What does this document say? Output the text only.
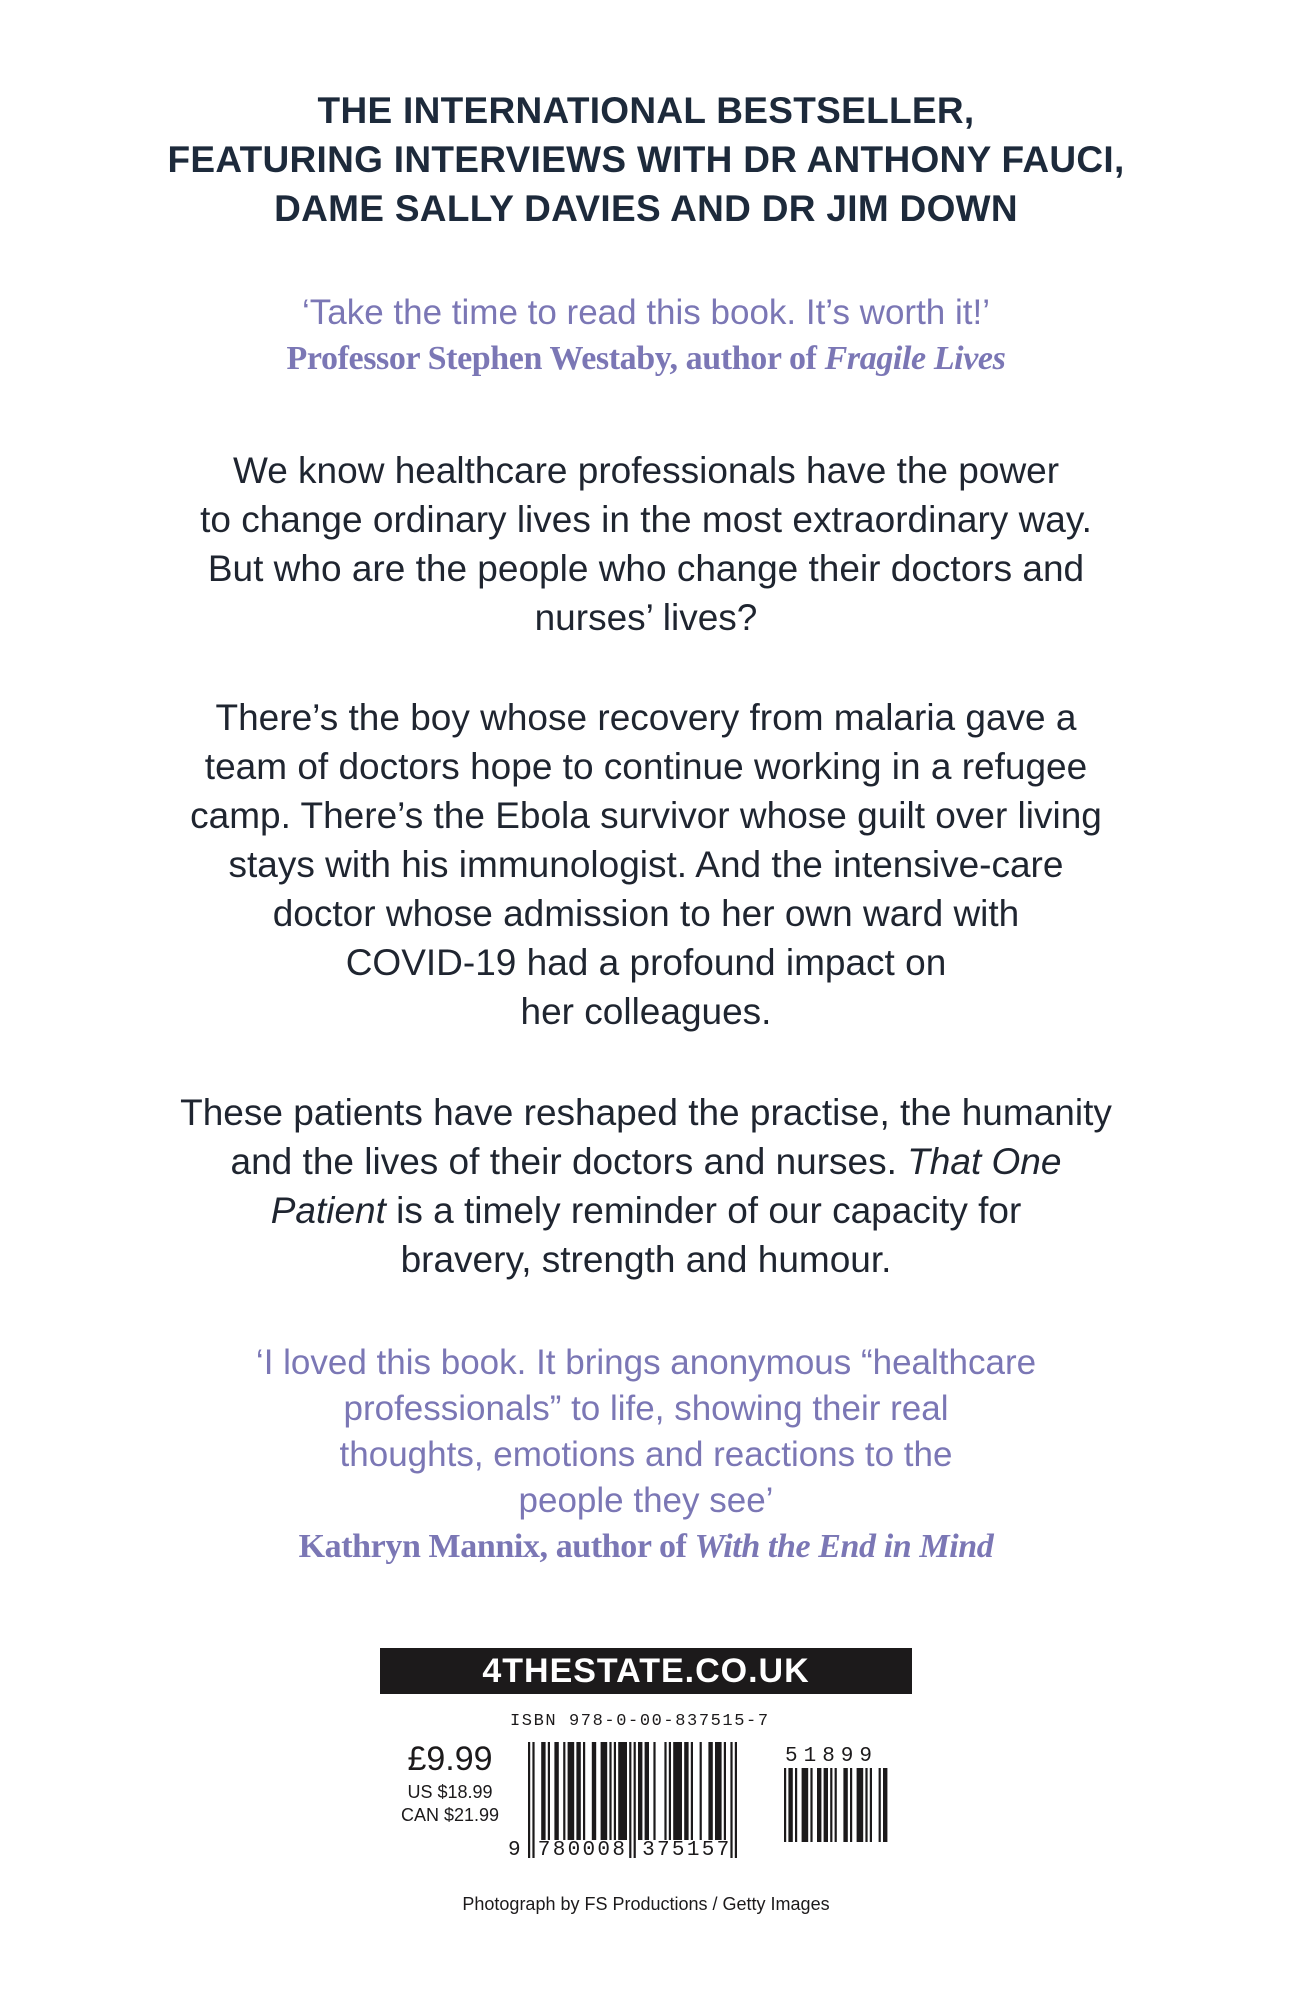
THE INTERNATIONAL BESTSELLER,
FEATURING INTERVIEWS WITH DR ANTHONY FAUCI,
DAME SALLY DAVIES AND DR JIM DOWN
‘Take the time to read this book. It’s worth it!’
Professor Stephen Westaby, author of Fragile Lives
We know healthcare professionals have the power
to change ordinary lives in the most extraordinary way.
But who are the people who change their doctors and
nurses’ lives?
There’s the boy whose recovery from malaria gave a
team of doctors hope to continue working in a refugee
camp. There’s the Ebola survivor whose guilt over living
stays with his immunologist. And the intensive-care
doctor whose admission to her own ward with
COVID-19 had a profound impact on
her colleagues.
These patients have reshaped the practise, the humanity
and the lives of their doctors and nurses. That One
Patient is a timely reminder of our capacity for
bravery, strength and humour.
‘I loved this book. It brings anonymous “healthcare
professionals” to life, showing their real
thoughts, emotions and reactions to the
people they see’
Kathryn Mannix, author of With the End in Mind
4THESTATE.CO.UK
ISBN 978-0-00-837515-7
£9.99
US $18.99
CAN $21.99
9 780008 375157
51899
Photograph by FS Productions / Getty Images
